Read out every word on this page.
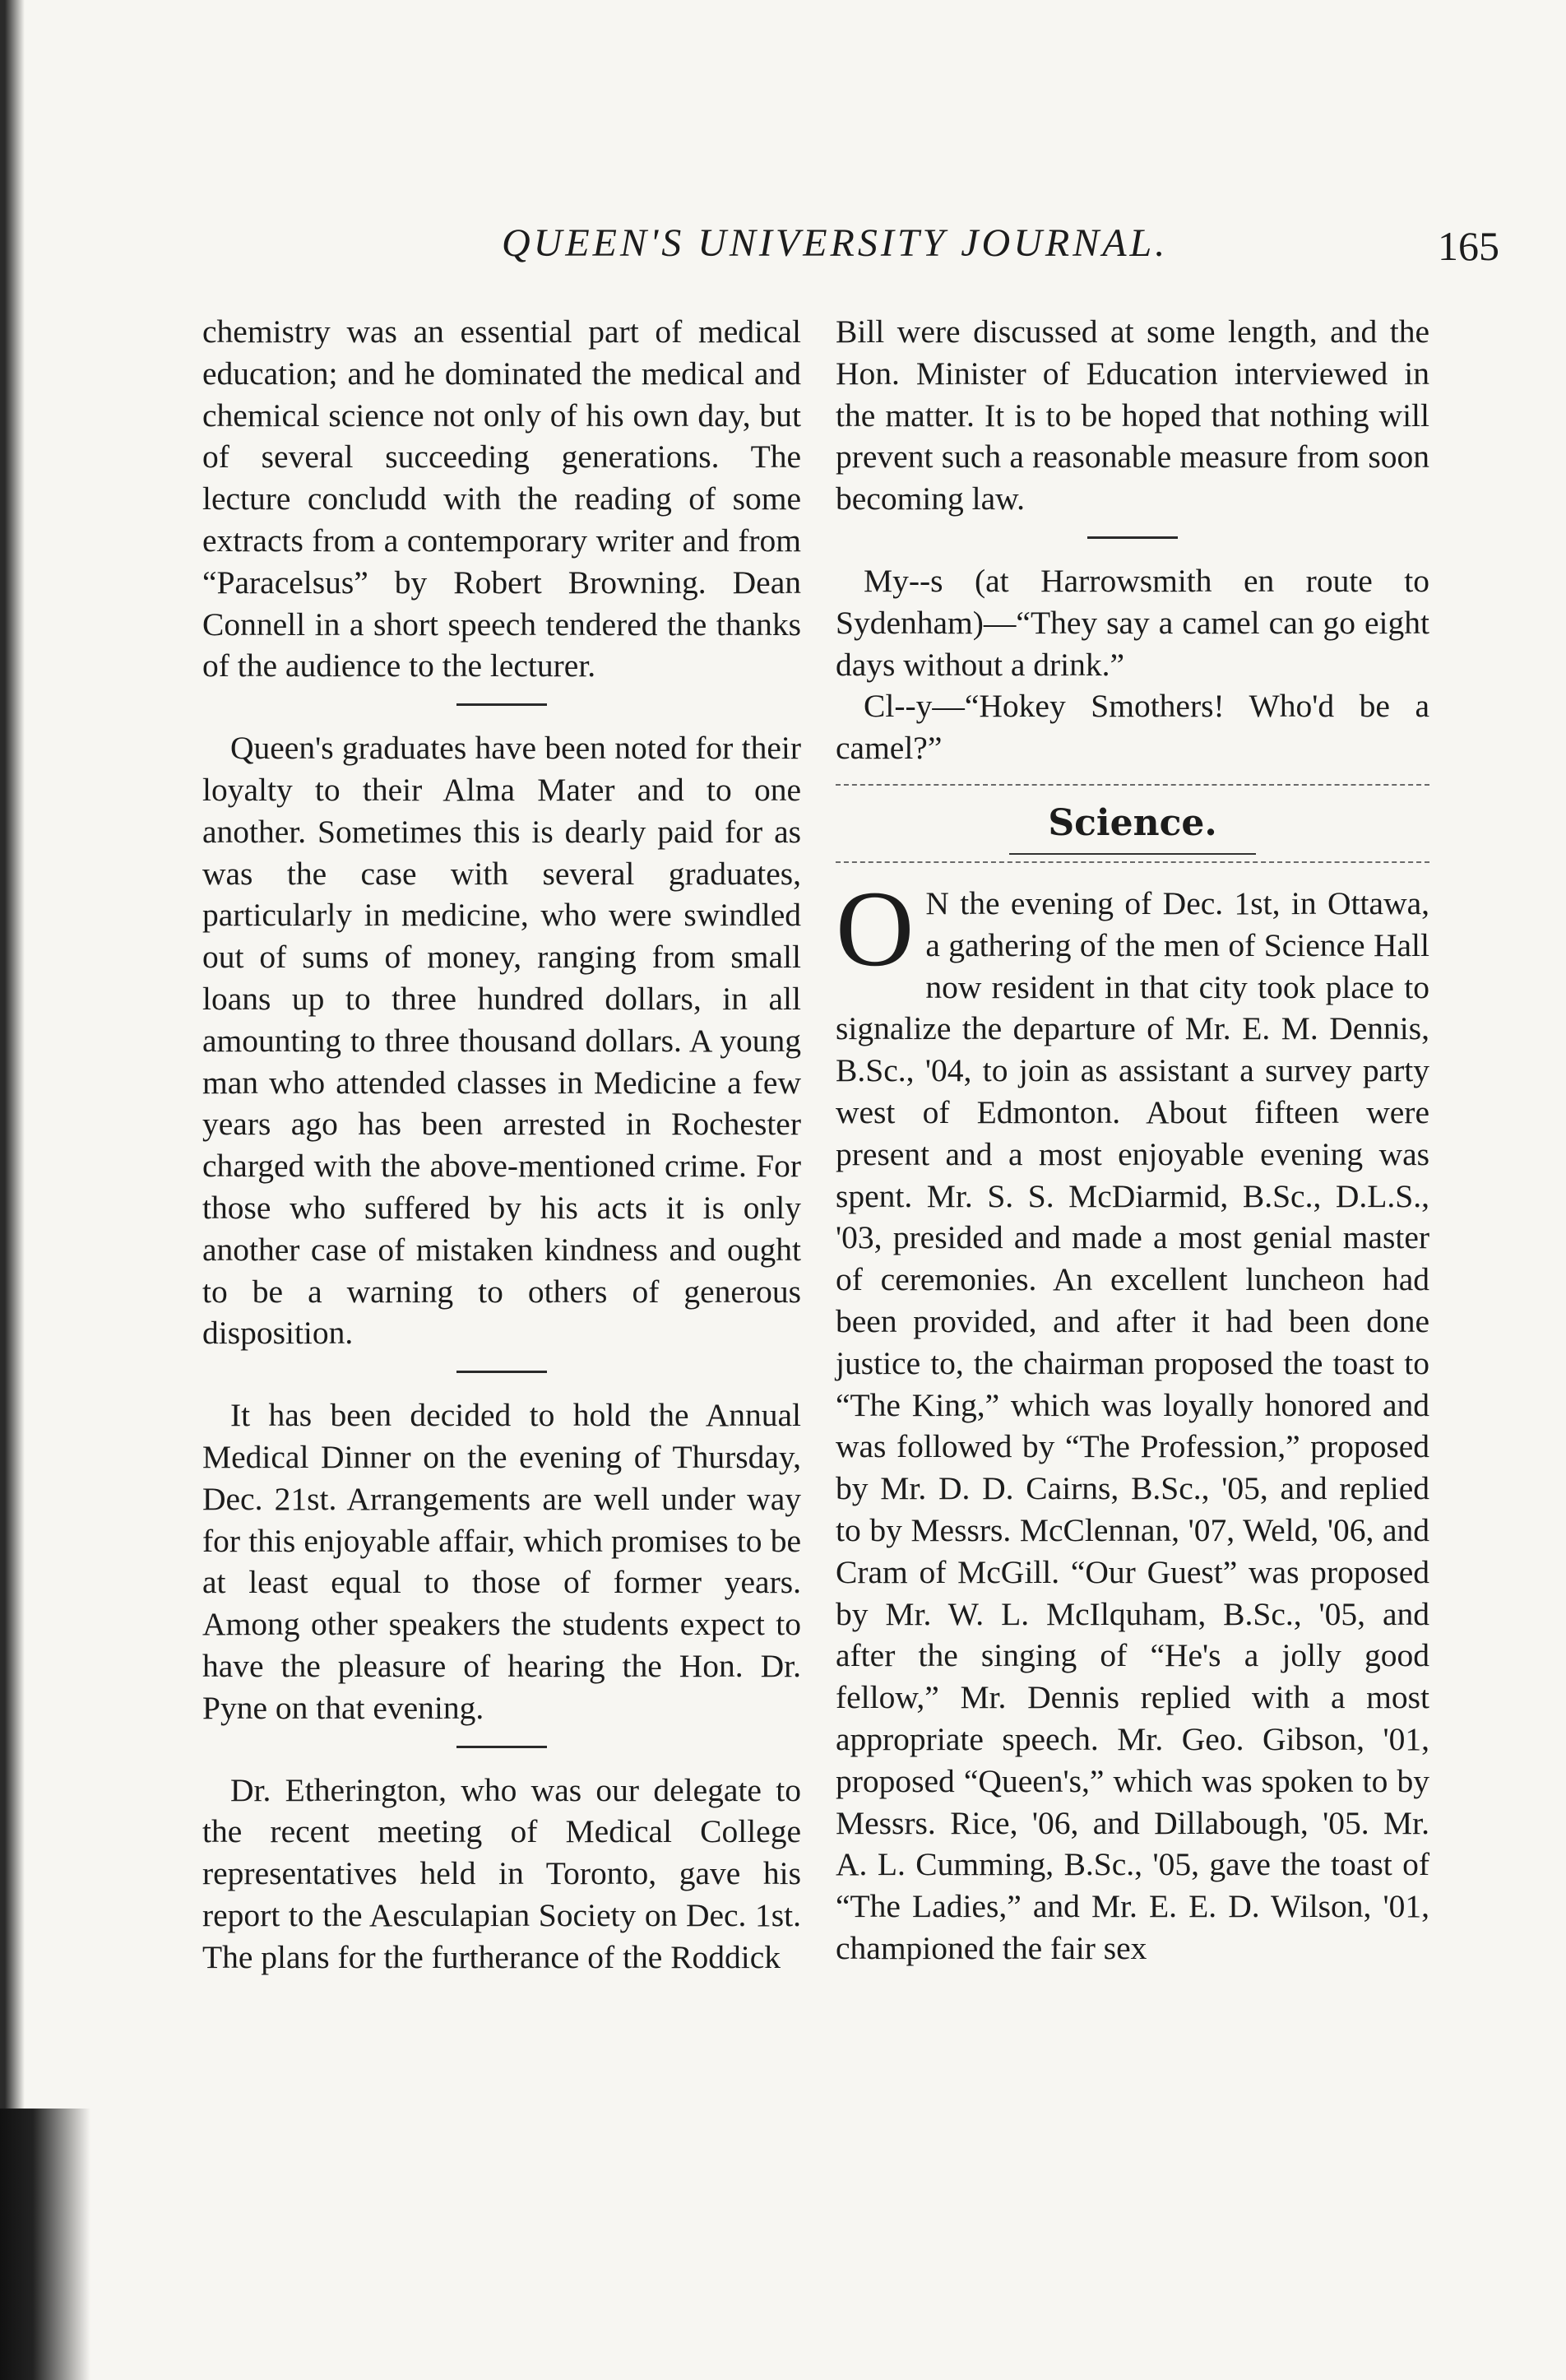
QUEEN'S UNIVERSITY JOURNAL.	165

chemistry was an essential part of medical education; and he dominated the medical and chemical science not only of his own day, but of several succeeding generations. The lecture concludd with the reading of some extracts from a contemporary writer and from “Paracelsus” by Robert Browning. Dean Connell in a short speech tendered the thanks of the audience to the lecturer.

Queen's graduates have been noted for their loyalty to their Alma Mater and to one another. Sometimes this is dearly paid for as was the case with several graduates, particularly in medicine, who were swindled out of sums of money, ranging from small loans up to three hundred dollars, in all amounting to three thousand dollars. A young man who attended classes in Medicine a few years ago has been arrested in Rochester charged with the above-mentioned crime. For those who suffered by his acts it is only another case of mistaken kindness and ought to be a warning to others of generous disposition.

It has been decided to hold the Annual Medical Dinner on the evening of Thursday, Dec. 21st. Arrangements are well under way for this enjoyable affair, which promises to be at least equal to those of former years. Among other speakers the students expect to have the pleasure of hearing the Hon. Dr. Pyne on that evening.

Dr. Etherington, who was our delegate to the recent meeting of Medical College representatives held in Toronto, gave his report to the Aesculapian Society on Dec. 1st. The plans for the furtherance of the Roddick

Bill were discussed at some length, and the Hon. Minister of Education interviewed in the matter. It is to be hoped that nothing will prevent such a reasonable measure from soon becoming law.

My--s (at Harrowsmith en route to Sydenham)—“They say a camel can go eight days without a drink.”

Cl--y—“Hokey Smothers! Who'd be a camel?”

Science.

O N the evening of Dec. 1st, in Ottawa, a gathering of the men of Science Hall now resident in that city took place to signalize the departure of Mr. E. M. Dennis, B.Sc., '04, to join as assistant a survey party west of Edmonton. About fifteen were present and a most enjoyable evening was spent. Mr. S. S. McDiarmid, B.Sc., D.L.S., '03, presided and made a most genial master of ceremonies. An excellent luncheon had been provided, and after it had been done justice to, the chairman proposed the toast to “The King,” which was loyally honored and was followed by “The Profession,” proposed by Mr. D. D. Cairns, B.Sc., '05, and replied to by Messrs. McClennan, '07, Weld, '06, and Cram of McGill. “Our Guest” was proposed by Mr. W. L. McIlquham, B.Sc., '05, and after the singing of “He's a jolly good fellow,” Mr. Dennis replied with a most appropriate speech. Mr. Geo. Gibson, '01, proposed “Queen's,” which was spoken to by Messrs. Rice, '06, and Dillabough, '05. Mr. A. L. Cumming, B.Sc., '05, gave the toast of “The Ladies,” and Mr. E. E. D. Wilson, '01, championed the fair sex
